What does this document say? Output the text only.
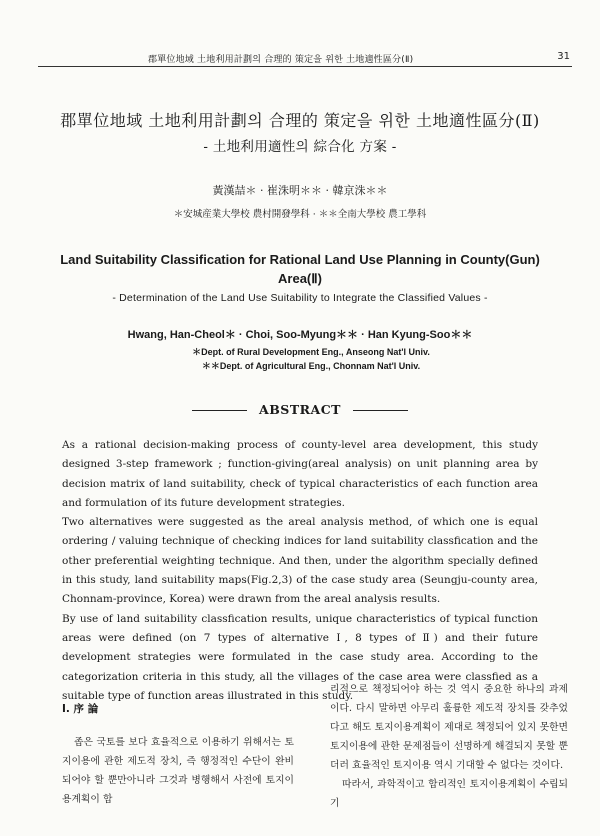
郡單位地域 土地利用計劃의 合理的 策定을 위한 土地適性區分(Ⅱ)	31
郡單位地域 土地利用計劃의 合理的 策定을 위한 土地適性區分(Ⅱ)
- 土地利用適性의 綜合化 方案 -
黃漢喆＊ · 崔洙明＊＊ · 韓京洙＊＊
＊安城産業大學校 農村開發學科 · ＊＊全南大學校 農工學科
Land Suitability Classification for Rational Land Use Planning in County(Gun) Area(Ⅱ)
- Determination of the Land Use Suitability to Integrate the Classified Values -
Hwang, Han-Cheol＊ · Choi, Soo-Myung＊＊ · Han Kyung-Soo＊＊
＊Dept. of Rural Development Eng., Anseong Nat'l Univ.
＊＊Dept. of Agricultural Eng., Chonnam Nat'l Univ.
ABSTRACT

As a rational decision-making process of county-level area development, this study designed 3-step framework ; function-giving(areal analysis) on unit planning area by decision matrix of land suitability, check of typical characteristics of each function area and formulation of its future development strategies.

Two alternatives were suggested as the areal analysis method, of which one is equal ordering / valuing technique of checking indices for land suitability classfication and the other preferential weighting technique. And then, under the algorithm specially defined in this study, land suitability maps(Fig.2,3) of the case study area (Seungju-county area, Chonnam-province, Korea) were drawn from the areal analysis results.

By use of land suitability classfication results, unique characteristics of typical function areas were defined (on 7 types of alternative Ⅰ, 8 types of Ⅱ) and their future development strategies were formulated in the case study area. According to the categorization criteria in this study, all the villages of the case area were classfied as a suitable type of function areas illustrated in this study.

Ⅰ. 序 論

좁은 국토를 보다 효율적으로 이용하기 위해서는 토지이용에 관한 제도적 장치, 즉 행정적인 수단이 완비되어야 할 뿐만아니라 그것과 병행해서 사전에 토지이용계획이 합

리적으로 책정되어야 하는 것 역시 중요한 하나의 과제이다. 다시 말하면 아무리 훌륭한 제도적 장치를 갖추었다고 해도 토지이용계획이 제대로 책정되어 있지 못한면 토지이용에 관한 문제점들이 선명하게 해결되지 못할 뿐더러 효율적인 토지이용 역시 기대할 수 없다는 것이다.

따라서, 과학적이고 합리적인 토지이용계획이 수립되기
